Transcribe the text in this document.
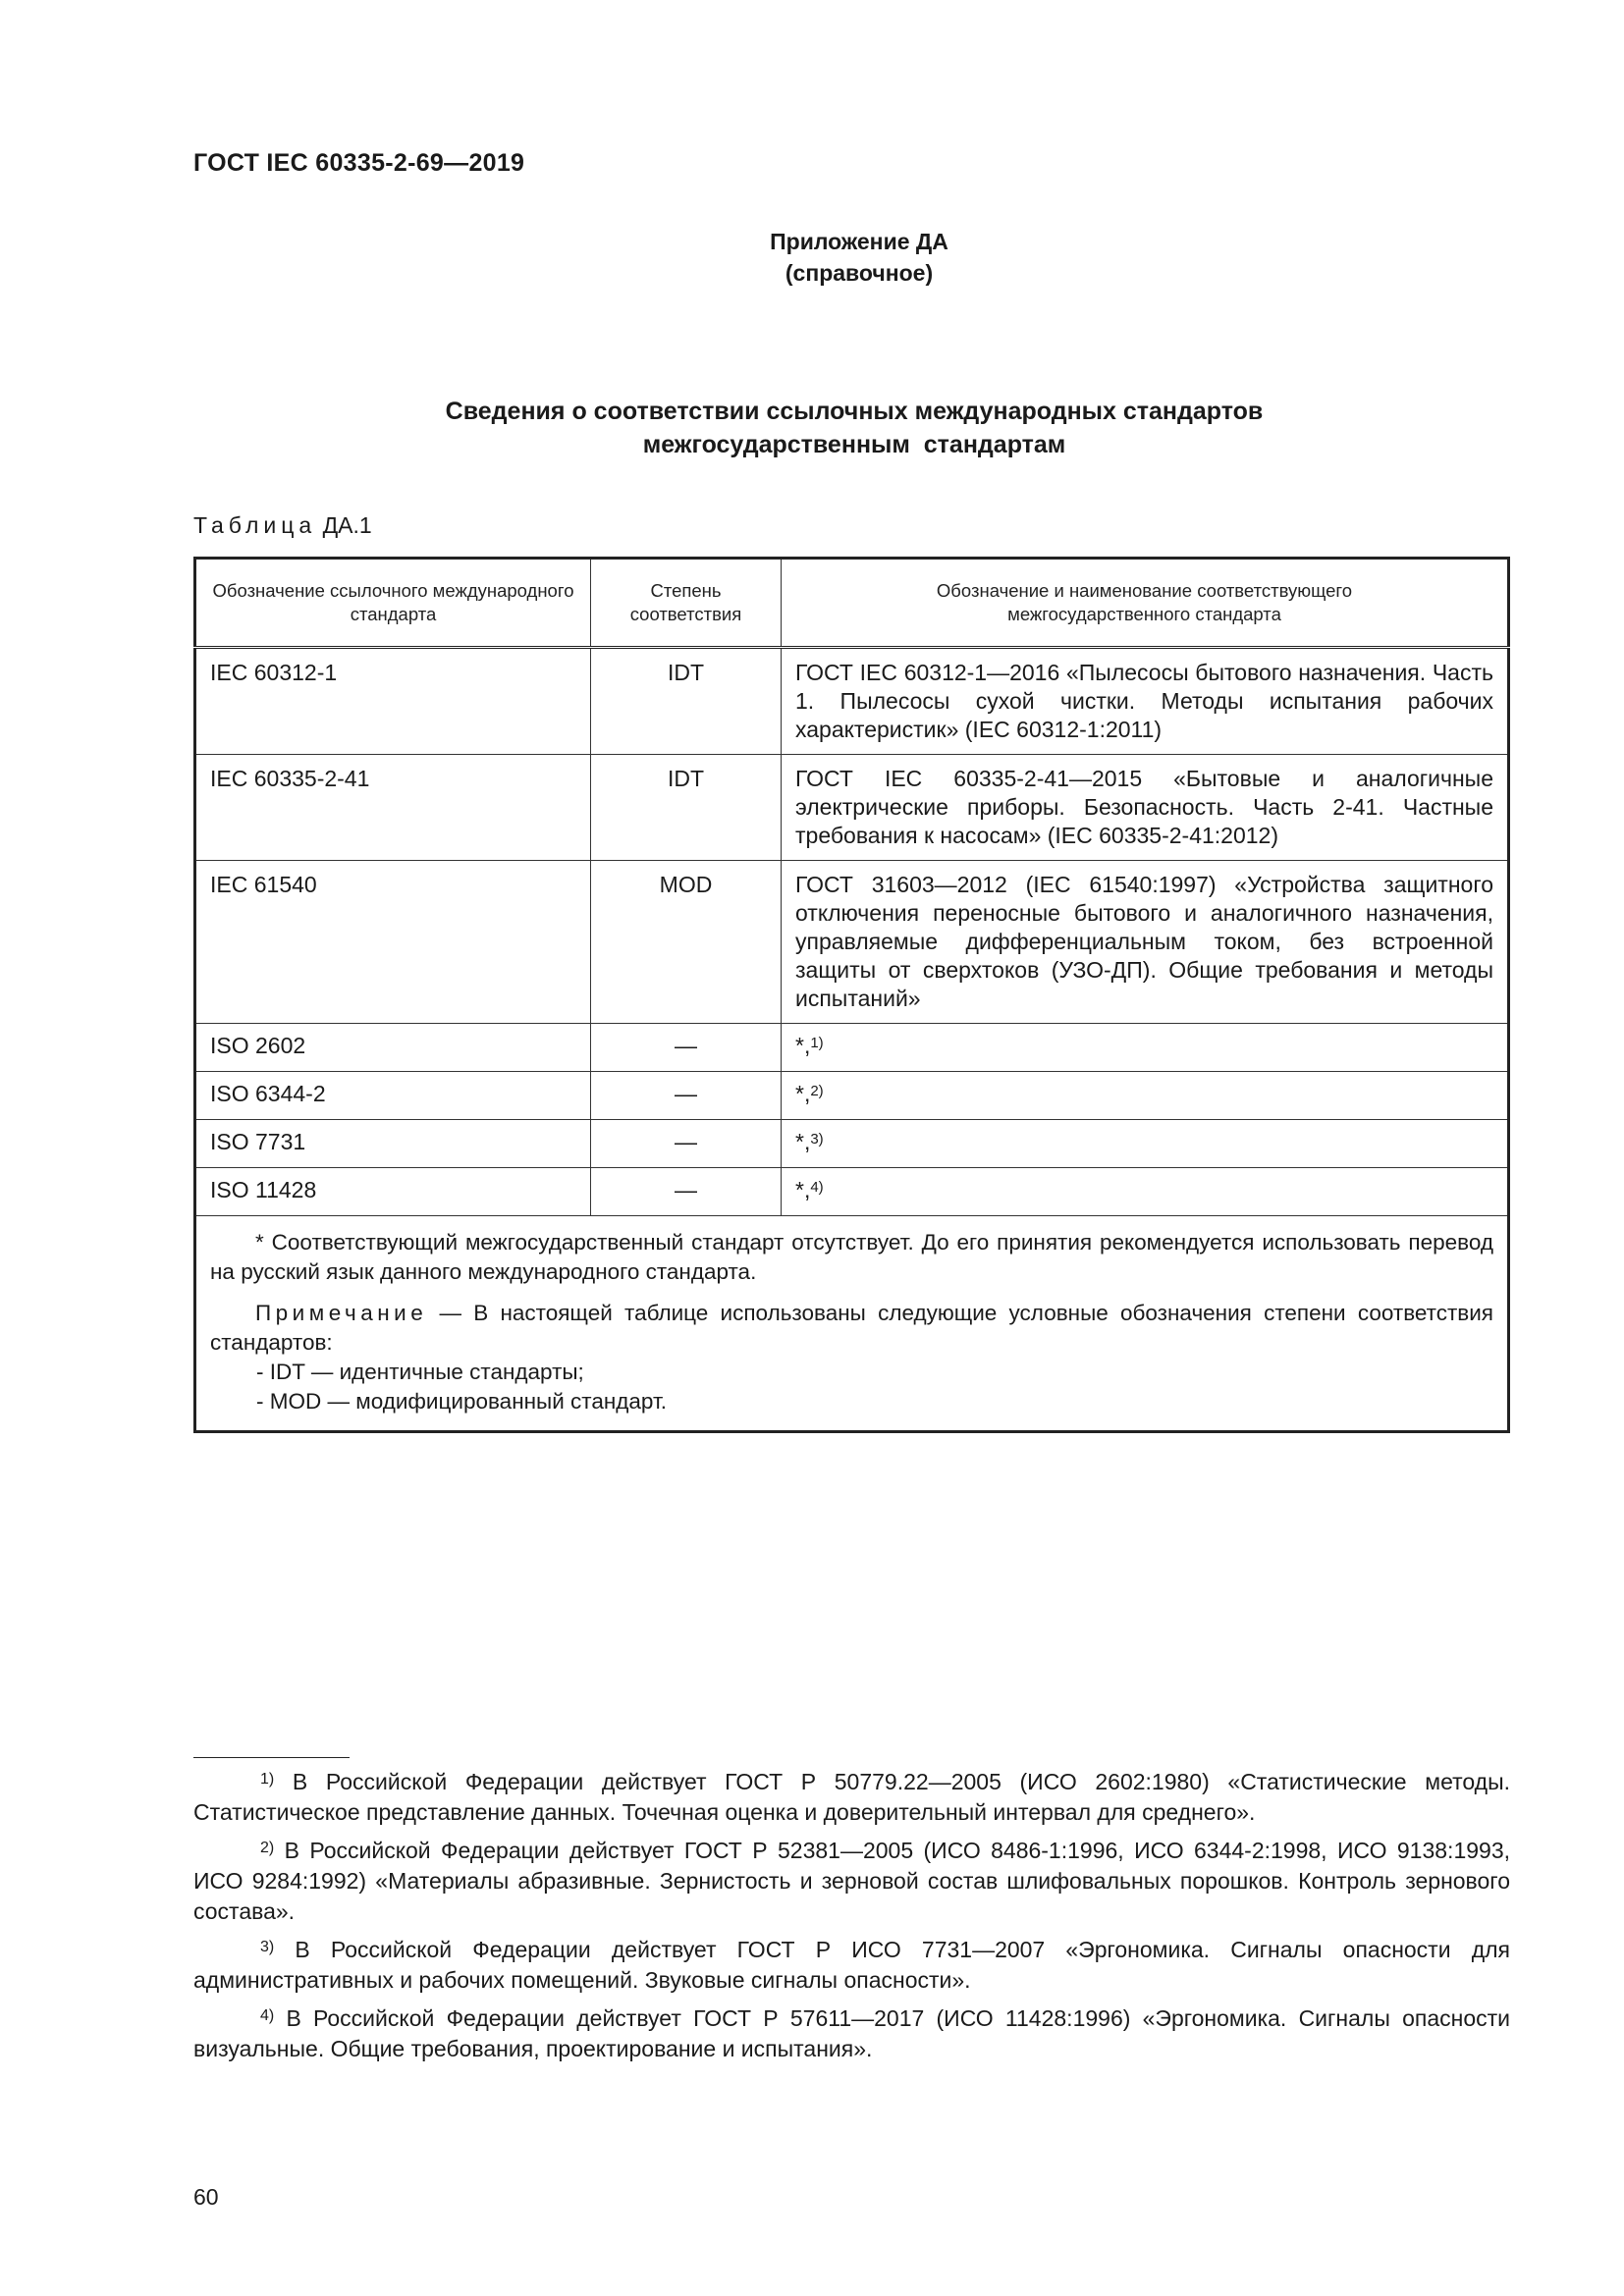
ГОСТ IEC 60335-2-69—2019
Приложение ДА
(справочное)
Сведения о соответствии ссылочных международных стандартов
межгосударственным  стандартам
Таблица ДА.1
Обозначение ссылочного международного стандарта	Степень соответствия	Обозначение и наименование соответствующего межгосударственного стандарта
IEC 60312-1	IDT	ГОСТ IEC 60312-1—2016 «Пылесосы бытового назначения. Часть 1. Пылесосы сухой чистки. Методы испытания рабочих характеристик» (IEC 60312-1:2011)
IEC 60335-2-41	IDT	ГОСТ IEC 60335-2-41—2015 «Бытовые и аналогичные электрические приборы. Безопасность. Часть 2-41. Частные требования к насосам» (IEC 60335-2-41:2012)
IEC 61540	MOD	ГОСТ 31603—2012 (IEC 61540:1997) «Устройства защитного отключения переносные бытового и аналогичного назначения, управляемые дифференциальным током, без встроенной защиты от сверхтоков (УЗО-ДП). Общие требования и методы испытаний»
ISO 2602	—	*,$^{1)}$
ISO 6344-2	—	*,$^{2)}$
ISO 7731	—	*,$^{3)}$
ISO 11428	—	*,$^{4)}$

* Соответствующий межгосударственный стандарт отсутствует. До его принятия рекомендуется использовать перевод на русский язык данного международного стандарта.

Примечание — В настоящей таблице использованы следующие условные обозначения степени соответствия стандартов:

- IDT — идентичные стандарты;

- MOD — модифицированный стандарт.		

$^{1)}$ В Российской Федерации действует ГОСТ Р 50779.22—2005 (ИСО 2602:1980) «Статистические методы. Статистическое представление данных. Точечная оценка и доверительный интервал для среднего».

$^{2)}$ В Российской Федерации действует ГОСТ Р 52381—2005 (ИСО 8486-1:1996, ИСО 6344-2:1998, ИСО 9138:1993, ИСО 9284:1992) «Материалы абразивные. Зернистость и зерновой состав шлифовальных порошков. Контроль зернового состава».

$^{3)}$ В Российской Федерации действует ГОСТ Р ИСО 7731—2007 «Эргономика. Сигналы опасности для административных и рабочих помещений. Звуковые сигналы опасности».

$^{4)}$ В Российской Федерации действует ГОСТ Р 57611—2017 (ИСО 11428:1996) «Эргономика. Сигналы опасности визуальные. Общие требования, проектирование и испытания».

60
